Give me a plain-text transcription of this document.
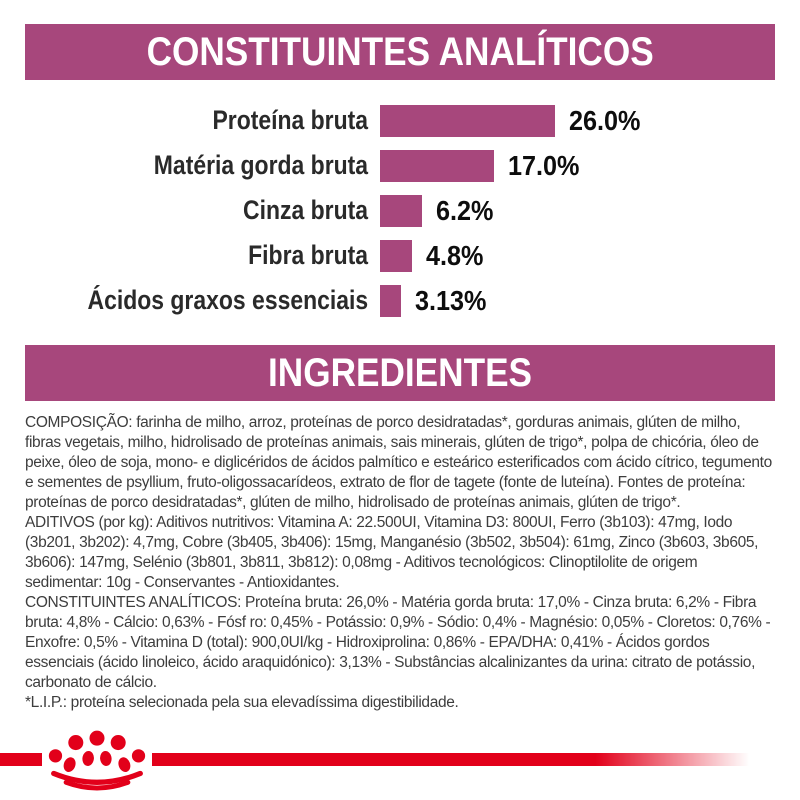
CONSTITUINTES ANALÍTICOS
Proteína bruta	26.0%
Matéria gorda bruta	17.0%
Cinza bruta	6.2%
Fibra bruta	4.8%
Ácidos graxos essenciais	3.13%
INGREDIENTES

COMPOSIÇÃO: farinha de milho, arroz, proteínas de porco desidratadas*, gorduras animais, glúten de milho, fibras vegetais, milho, hidrolisado de proteínas animais, sais minerais, glúten de trigo*, polpa de chicória, óleo de peixe, óleo de soja, mono- e diglicéridos de ácidos palmítico e esteárico esterificados com ácido cítrico, tegumento e sementes de psyllium, fruto-oligossacarídeos, extrato de flor de tagete (fonte de luteína). Fontes de proteína: proteínas de porco desidratadas*, glúten de milho, hidrolisado de proteínas animais, glúten de trigo*.

ADITIVOS (por kg): Aditivos nutritivos: Vitamina A: 22.500UI, Vitamina D3: 800UI, Ferro (3b103): 47mg, Iodo (3b201, 3b202): 4,7mg, Cobre (3b405, 3b406): 15mg, Manganésio (3b502, 3b504): 61mg, Zinco (3b603, 3b605, 3b606): 147mg, Selénio (3b801, 3b811, 3b812): 0,08mg - Aditivos tecnológicos: Clinoptilolite de origem sedimentar: 10g - Conservantes - Antioxidantes.

CONSTITUINTES ANALÍTICOS: Proteína bruta: 26,0% - Matéria gorda bruta: 17,0% - Cinza bruta: 6,2% - Fibra bruta: 4,8% - Cálcio: 0,63% - Fósf ro: 0,45% - Potássio: 0,9% - Sódio: 0,4% - Magnésio: 0,05% - Cloretos: 0,76% - Enxofre: 0,5% - Vitamina D (total): 900,0UI/kg - Hidroxiprolina: 0,86% - EPA/DHA: 0,41% - Ácidos gordos essenciais (ácido linoleico, ácido araquidónico): 3,13% - Substâncias alcalinizantes da urina: citrato de potássio, carbonato de cálcio.

*L.I.P.: proteína selecionada pela sua elevadíssima digestibilidade.
